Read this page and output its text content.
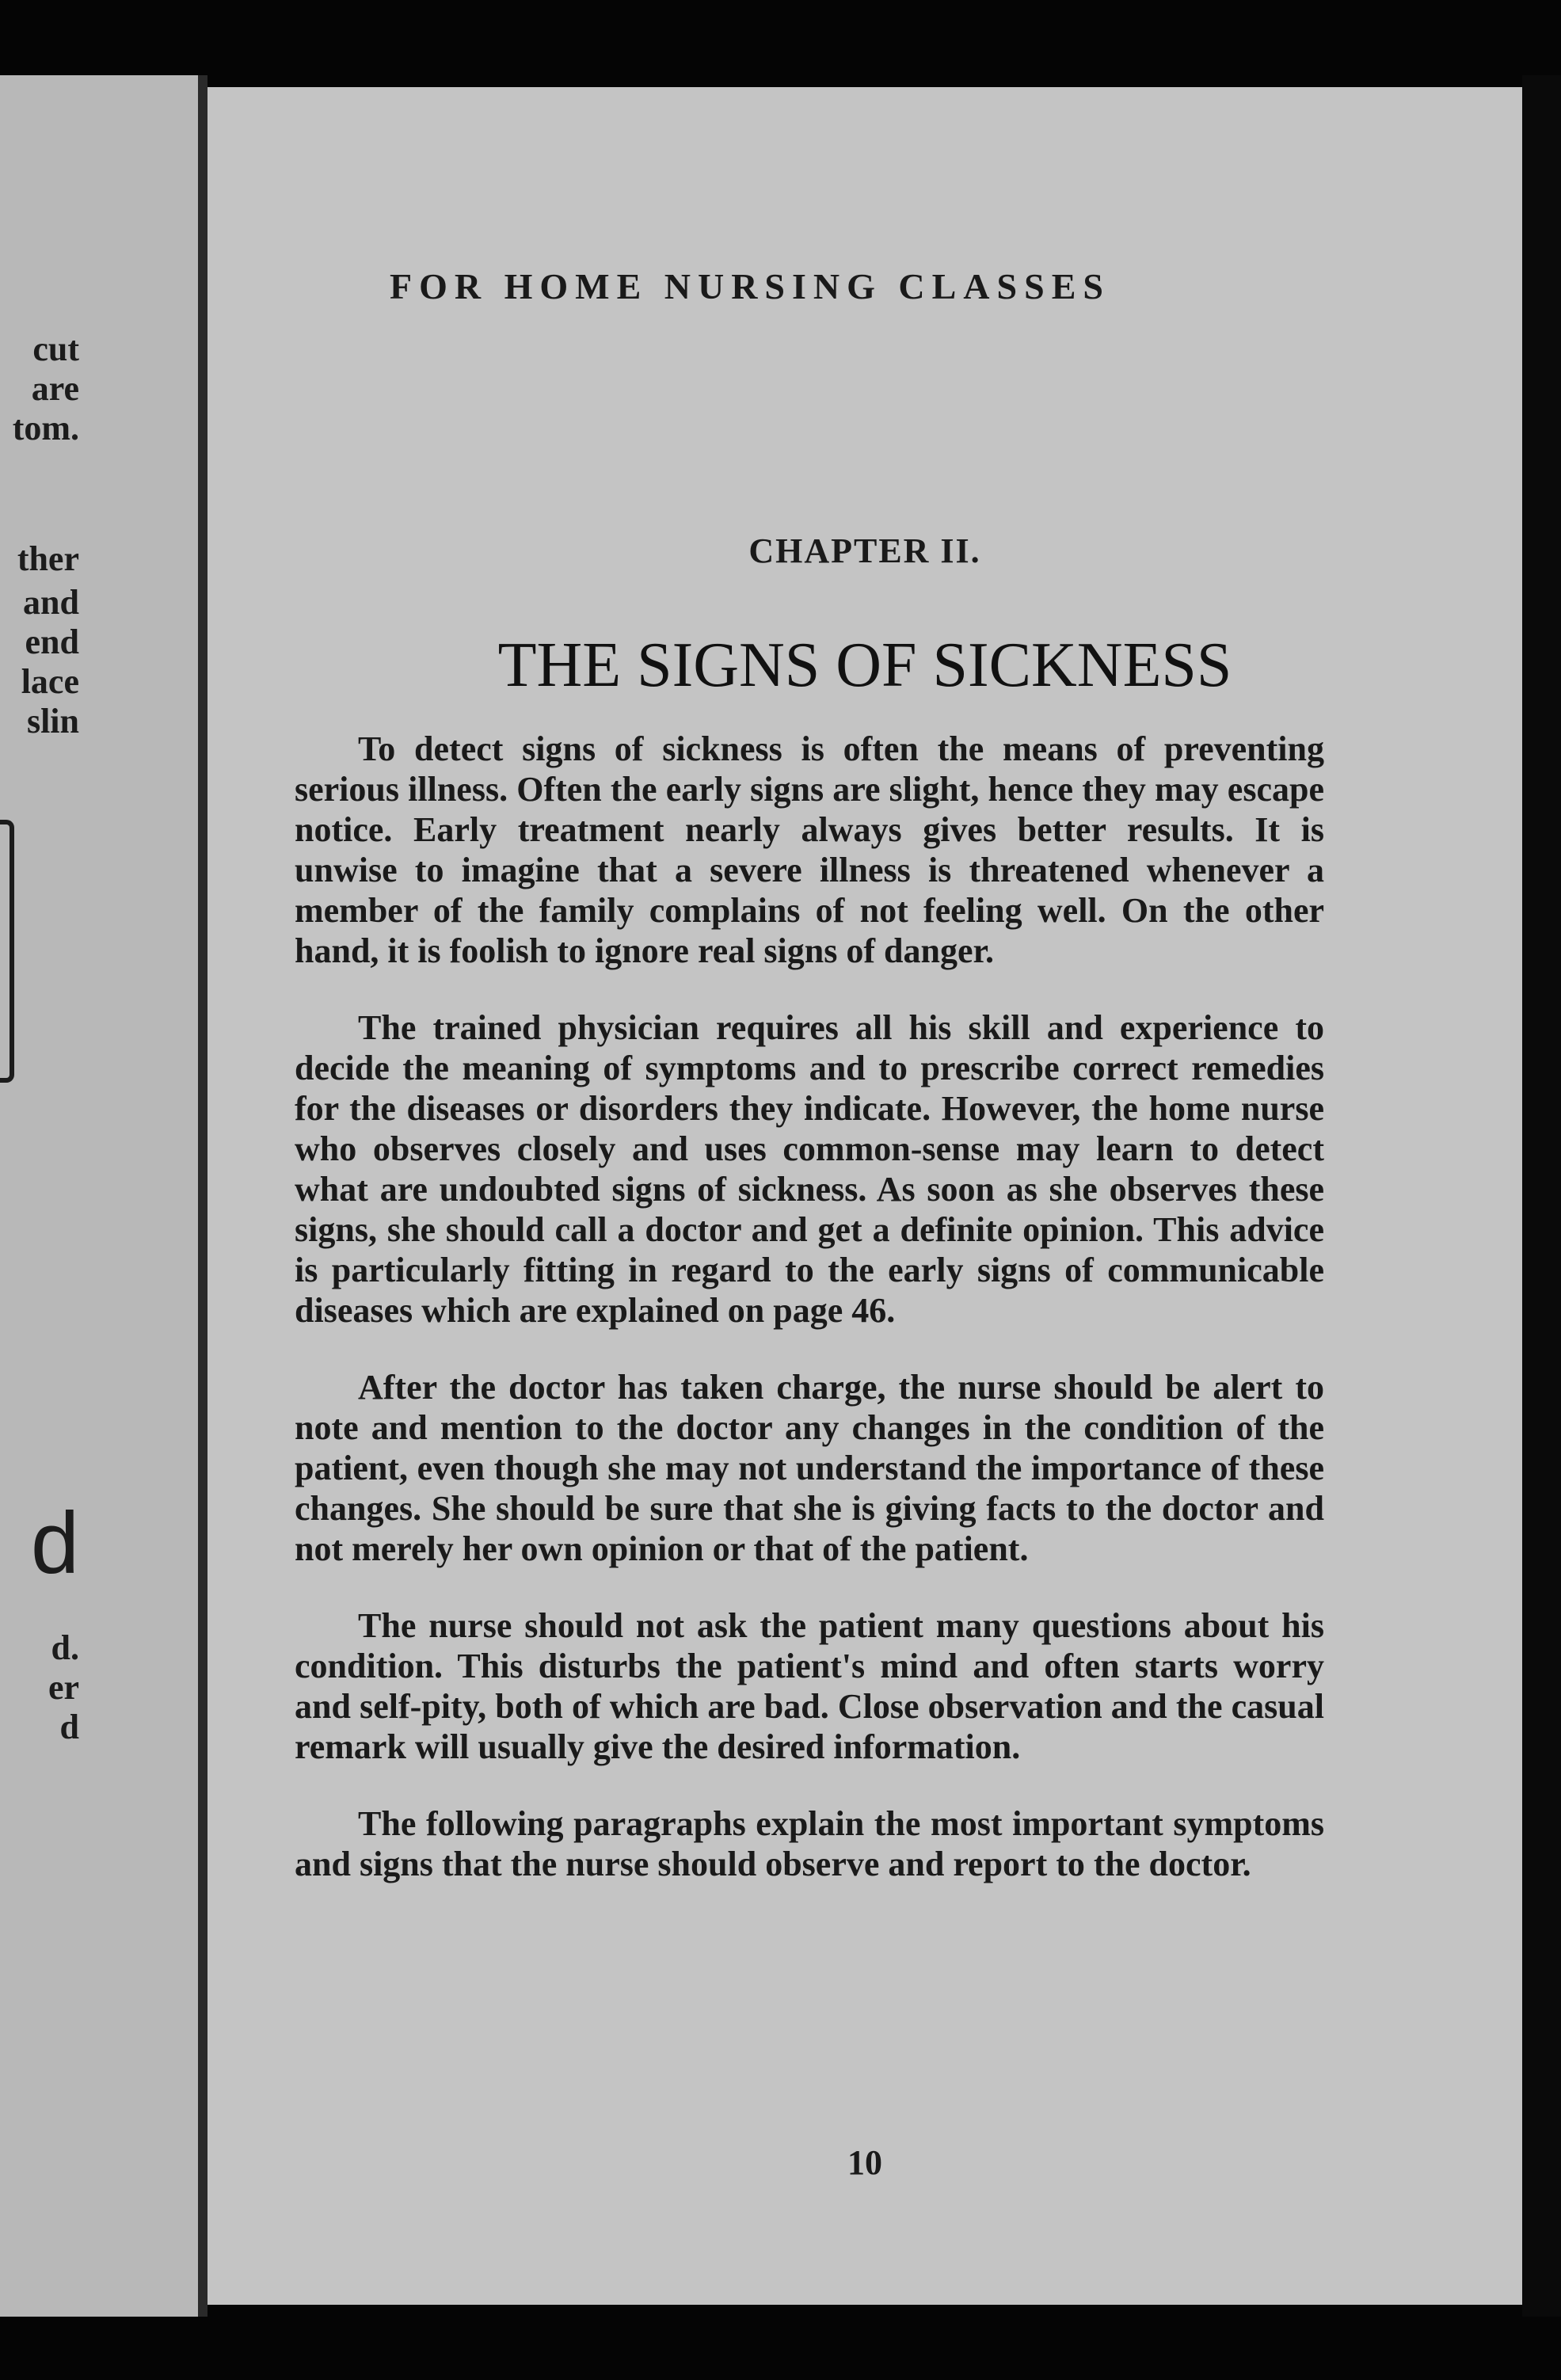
cut
are
tom.
ther
and
end
lace
slin
d
d.
er
d
FOR HOME NURSING CLASSES
CHAPTER II.
THE SIGNS OF SICKNESS

To detect signs of sickness is often the means of preventing serious illness. Often the early signs are slight, hence they may escape notice. Early treatment nearly always gives better results. It is unwise to imagine that a severe illness is threatened whenever a member of the family complains of not feeling well. On the other hand, it is foolish to ignore real signs of danger.

The trained physician requires all his skill and experience to decide the meaning of symptoms and to prescribe correct remedies for the diseases or disorders they indicate. However, the home nurse who observes closely and uses common-sense may learn to detect what are undoubted signs of sickness. As soon as she observes these signs, she should call a doctor and get a definite opinion. This advice is particularly fitting in regard to the early signs of communicable diseases which are explained on page 46.

After the doctor has taken charge, the nurse should be alert to note and mention to the doctor any changes in the condition of the patient, even though she may not understand the importance of these changes. She should be sure that she is giving facts to the doctor and not merely her own opinion or that of the patient.

The nurse should not ask the patient many questions about his condition. This disturbs the patient's mind and often starts worry and self-pity, both of which are bad. Close observation and the casual remark will usually give the desired information.

The following paragraphs explain the most important symptoms and signs that the nurse should observe and report to the doctor.

10
